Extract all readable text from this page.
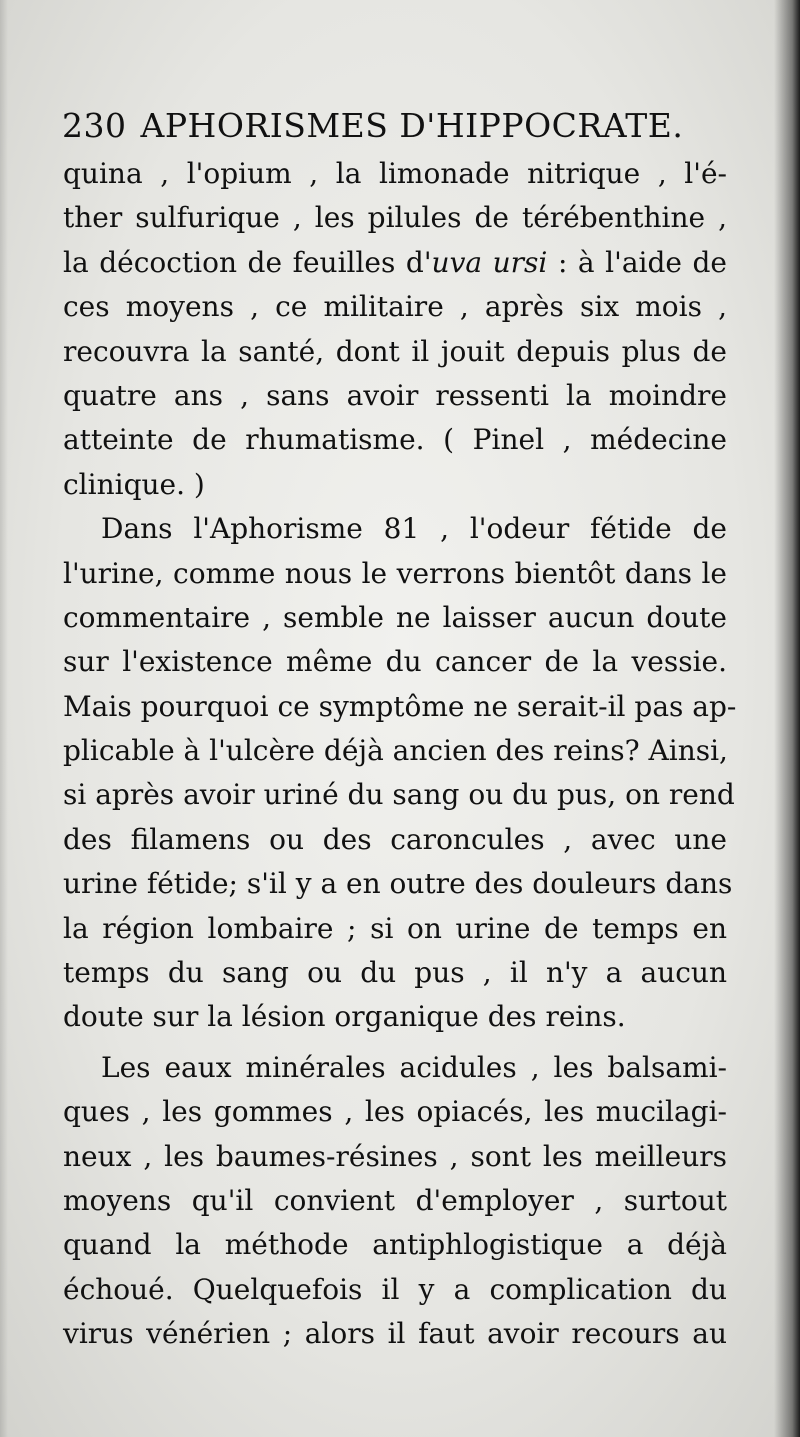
230 APHORISMES D'HIPPOCRATE.
quina , l'opium , la limonade nitrique , l'é-
ther sulfurique , les pilules de térébenthine ,
la décoction de feuilles d'uva ursi : à l'aide de
ces moyens , ce militaire , après six mois ,
recouvra la santé, dont il jouit depuis plus de
quatre ans , sans avoir ressenti la moindre
atteinte de rhumatisme. ( Pinel , médecine
clinique. )
Dans l'Aphorisme 81 , l'odeur fétide de
l'urine, comme nous le verrons bientôt dans le
commentaire , semble ne laisser aucun doute
sur l'existence même du cancer de la vessie.
Mais pourquoi ce symptôme ne serait-il pas ap-
plicable à l'ulcère déjà ancien des reins? Ainsi,
si après avoir uriné du sang ou du pus, on rend
des filamens ou des caroncules , avec une
urine fétide; s'il y a en outre des douleurs dans
la région lombaire ; si on urine de temps en
temps du sang ou du pus , il n'y a aucun
doute sur la lésion organique des reins.
Les eaux minérales acidules , les balsami-
ques , les gommes , les opiacés, les mucilagi-
neux , les baumes-résines , sont les meilleurs
moyens qu'il convient d'employer , surtout
quand la méthode antiphlogistique a déjà
échoué. Quelquefois il y a complication du
virus vénérien ; alors il faut avoir recours au
